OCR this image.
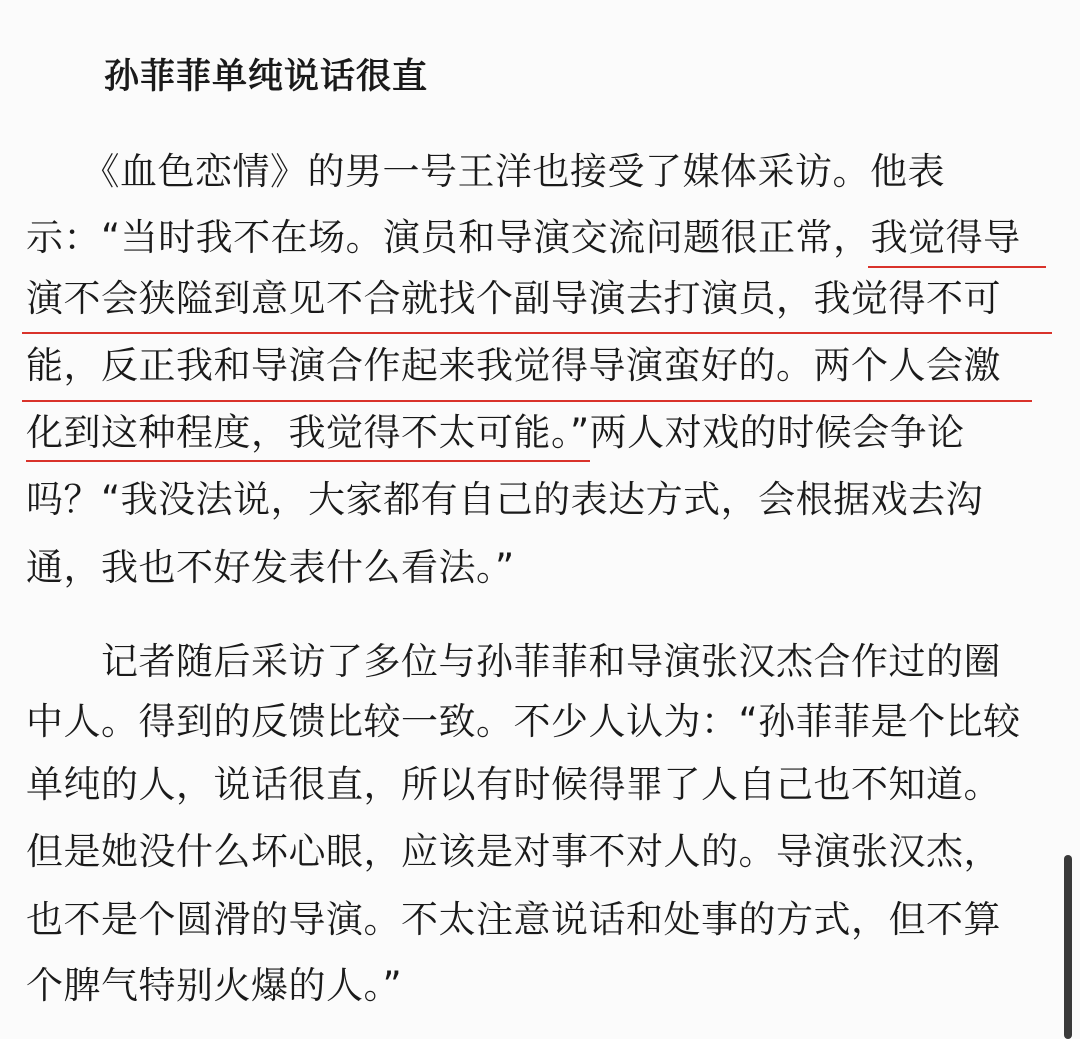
孙菲菲单纯说话很直
　　《血色恋情》的男一号王洋也接受了媒体采访。他表
示：“当时我不在场。演员和导演交流问题很正常，我觉得导
演不会狭隘到意见不合就找个副导演去打演员，我觉得不可
能，反正我和导演合作起来我觉得导演蛮好的。两个人会激
化到这种程度，我觉得不太可能。”两人对戏的时候会争论
吗？“我没法说，大家都有自己的表达方式，会根据戏去沟
通，我也不好发表什么看法。”
　　记者随后采访了多位与孙菲菲和导演张汉杰合作过的圈
中人。得到的反馈比较一致。不少人认为：“孙菲菲是个比较
单纯的人，说话很直，所以有时候得罪了人自己也不知道。
但是她没什么坏心眼，应该是对事不对人的。导演张汉杰，
也不是个圆滑的导演。不太注意说话和处事的方式，但不算
个脾气特别火爆的人。”
